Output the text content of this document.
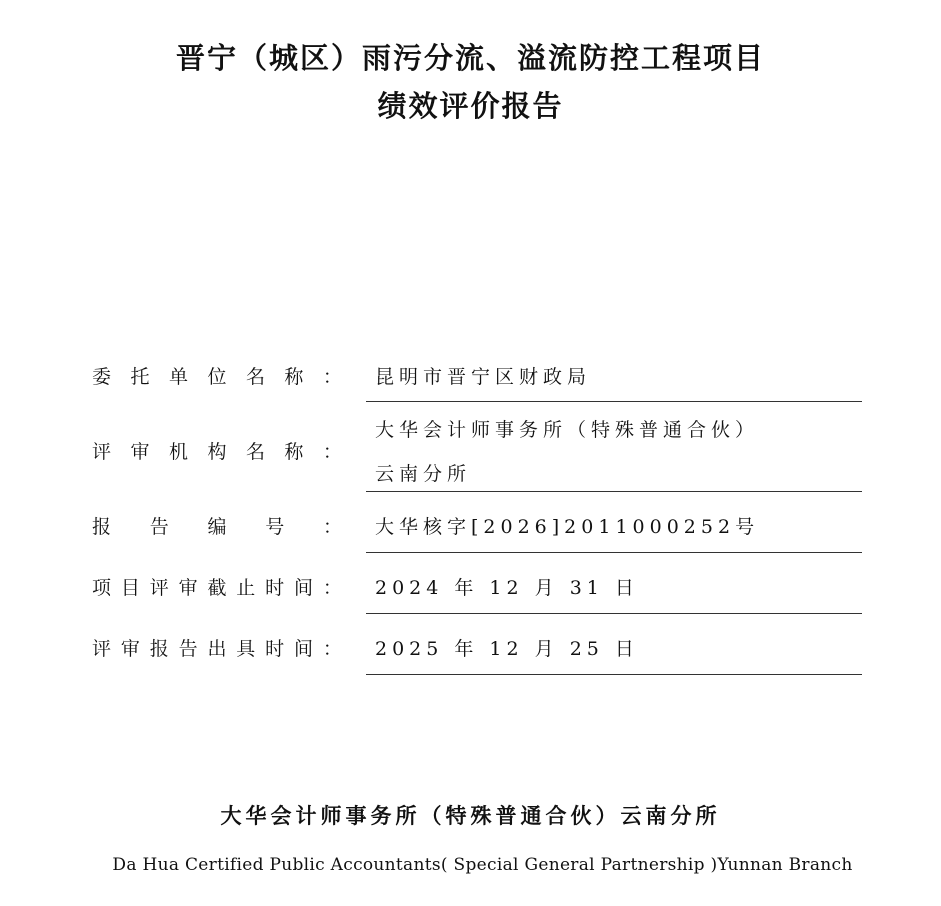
晋宁（城区）雨污分流、溢流防控工程项目
绩效评价报告
委 托 单 位 名 称 ： 昆明市晋宁区财政局
评 审 机 构 名 称 ：
大华会计师事务所（特殊普通合伙）
云南分所
报 告 编 号 ： 大华核字[2026]2011000252号
项 目 评 审 截 止 时 间 ： 2024 年 12 月 31 日
评 审 报 告 出 具 时 间 ： 2025 年 12 月 25 日
大华会计师事务所（特殊普通合伙）云南分所
Da Hua Certified Public Accountants( Special General Partnership )Yunnan Branch
